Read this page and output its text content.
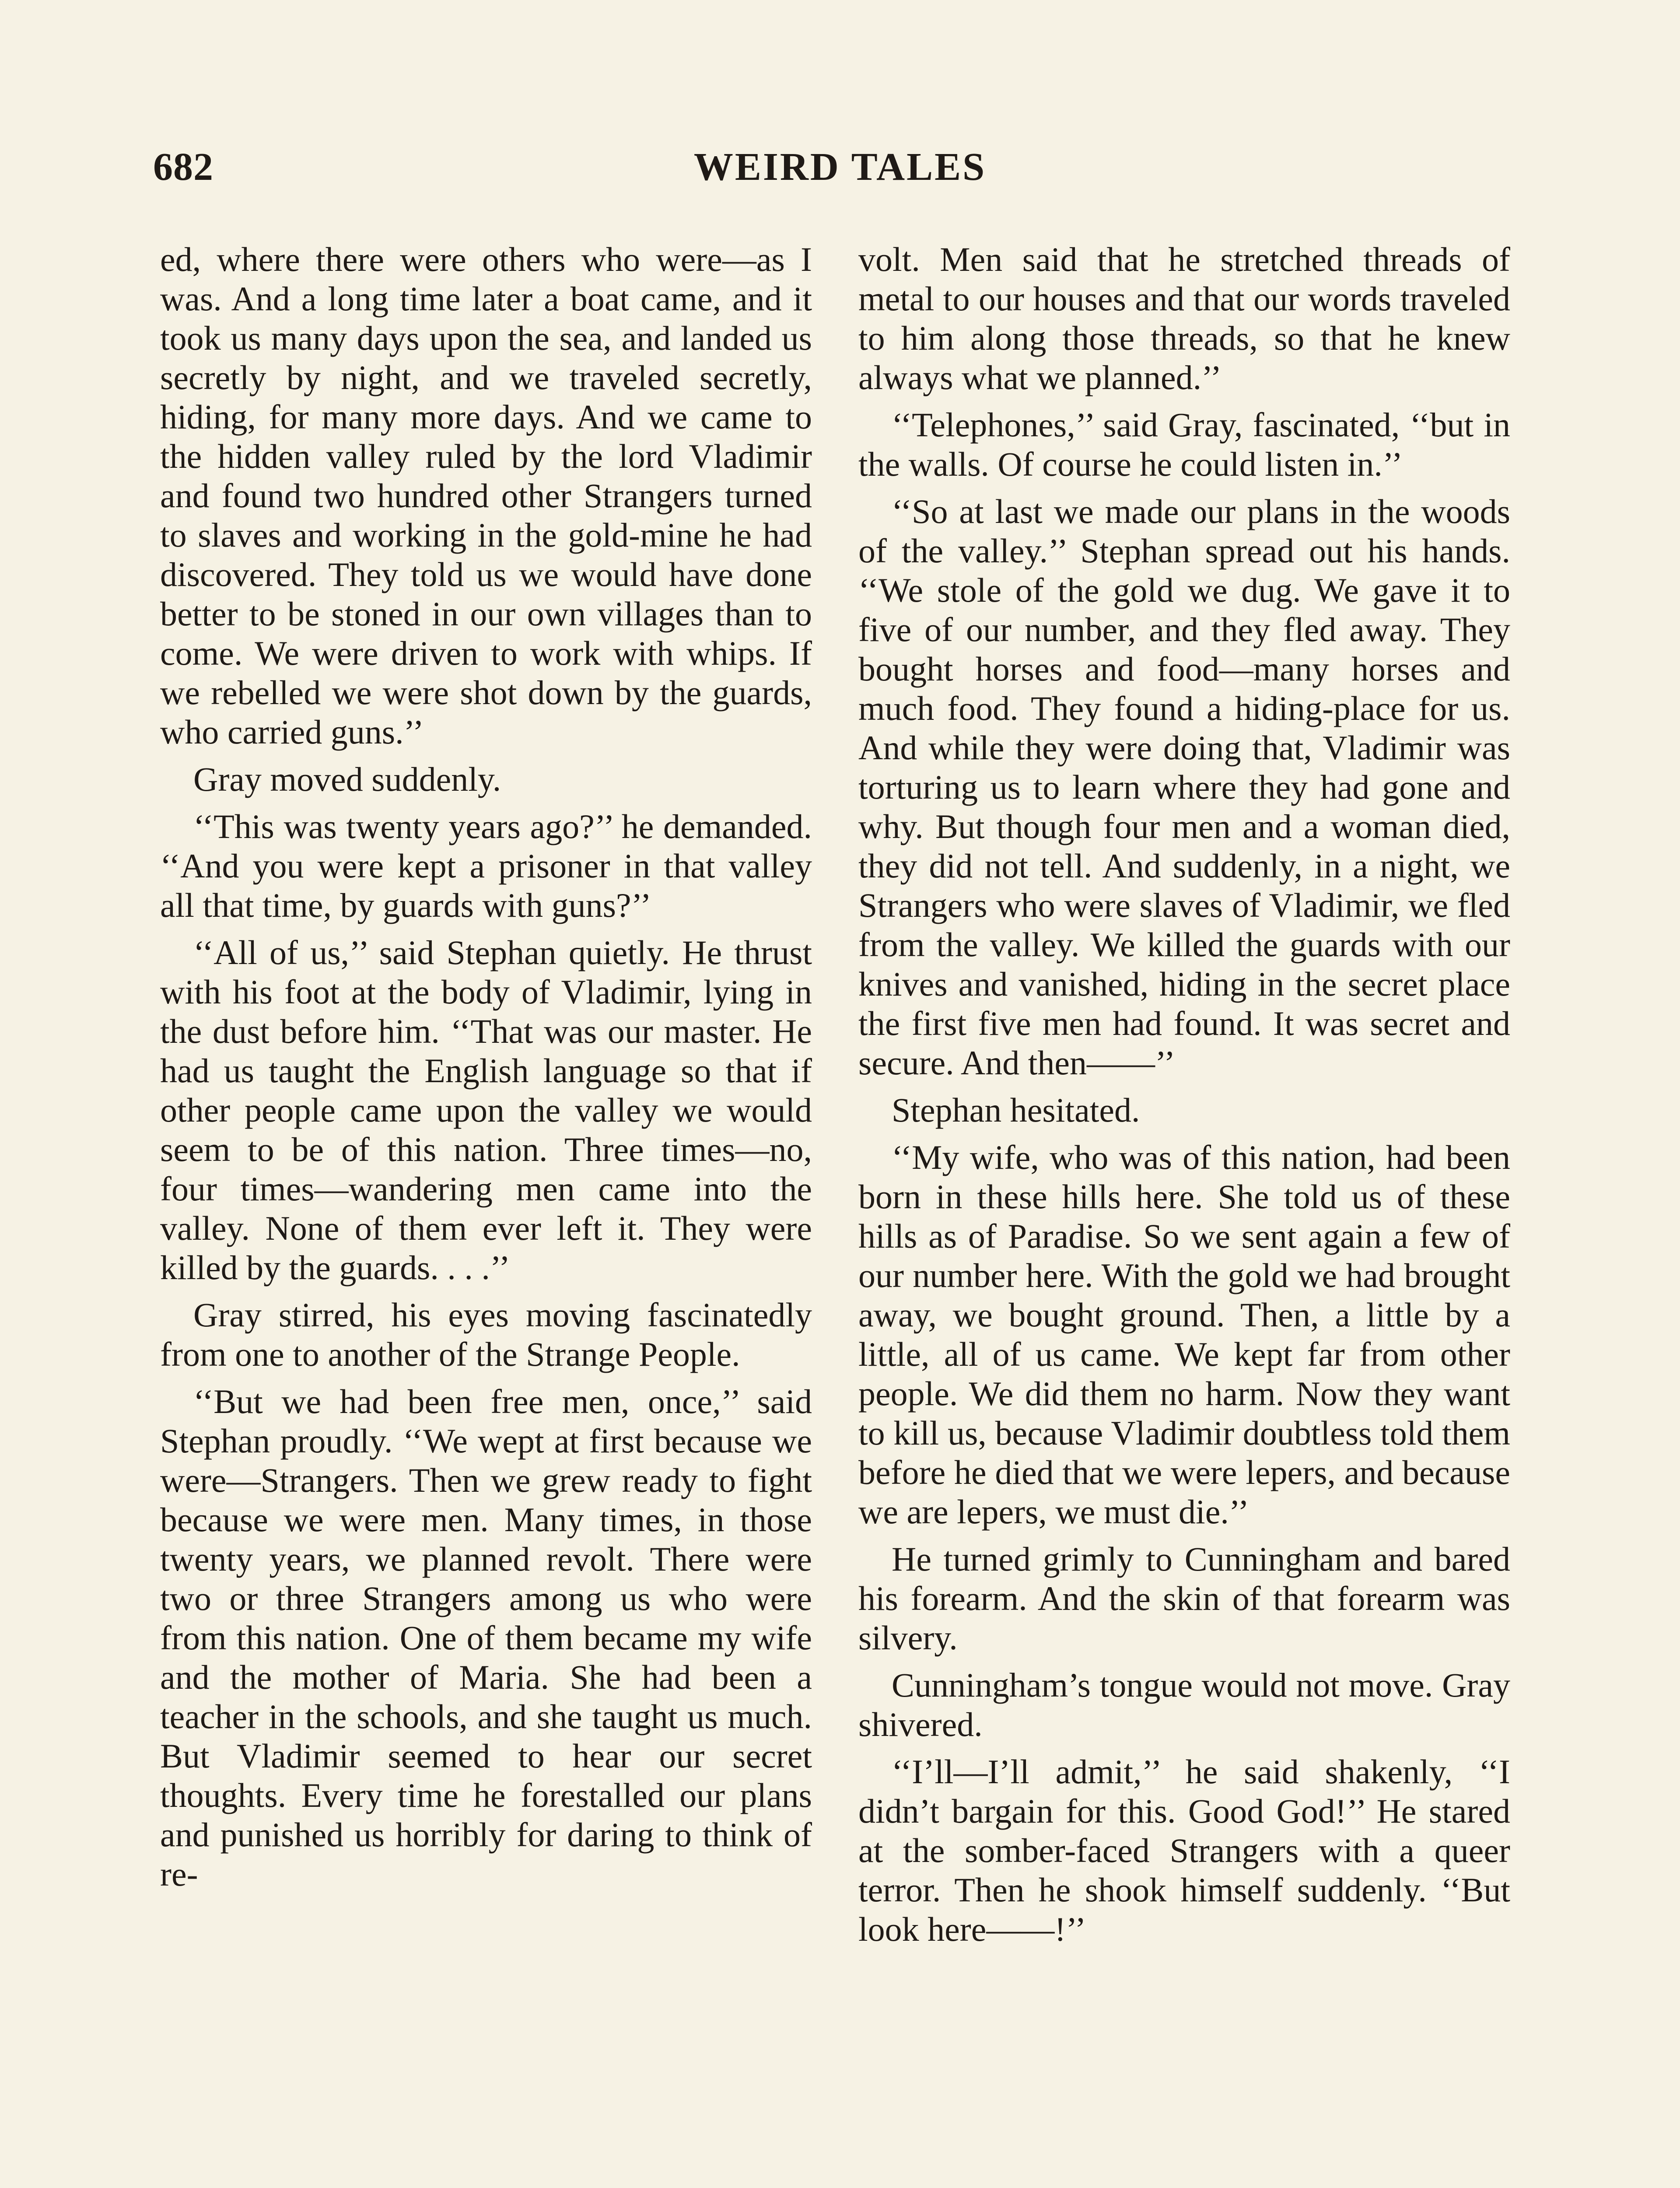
682	WEIRD TALES

ed, where there were others who were—as I was. And a long time later a boat came, and it took us many days upon the sea, and landed us secretly by night, and we traveled secretly, hiding, for many more days. And we came to the hidden valley ruled by the lord Vladimir and found two hundred other Strangers turned to slaves and working in the gold-mine he had discovered. They told us we would have done better to be stoned in our own villages than to come. We were driven to work with whips. If we rebelled we were shot down by the guards, who carried guns.’’

Gray moved suddenly.

‘‘This was twenty years ago?’’ he demanded. ‘‘And you were kept a prisoner in that valley all that time, by guards with guns?’’

‘‘All of us,’’ said Stephan quietly. He thrust with his foot at the body of Vladimir, lying in the dust before him. ‘‘That was our master. He had us taught the English language so that if other people came upon the valley we would seem to be of this nation. Three times—no, four times—wandering men came into the valley. None of them ever left it. They were killed by the guards. . . .’’

Gray stirred, his eyes moving fascinatedly from one to another of the Strange People.

‘‘But we had been free men, once,’’ said Stephan proudly. ‘‘We wept at first because we were—Strangers. Then we grew ready to fight because we were men. Many times, in those twenty years, we planned revolt. There were two or three Strangers among us who were from this nation. One of them became my wife and the mother of Maria. She had been a teacher in the schools, and she taught us much. But Vladimir seemed to hear our secret thoughts. Every time he forestalled our plans and punished us horribly for daring to think of re-

volt. Men said that he stretched threads of metal to our houses and that our words traveled to him along those threads, so that he knew always what we planned.’’

‘‘Telephones,’’ said Gray, fascinated, ‘‘but in the walls. Of course he could listen in.’’

‘‘So at last we made our plans in the woods of the valley.’’ Stephan spread out his hands. ‘‘We stole of the gold we dug. We gave it to five of our number, and they fled away. They bought horses and food—many horses and much food. They found a hiding-place for us. And while they were doing that, Vladimir was torturing us to learn where they had gone and why. But though four men and a woman died, they did not tell. And suddenly, in a night, we Strangers who were slaves of Vladimir, we fled from the valley. We killed the guards with our knives and vanished, hiding in the secret place the first five men had found. It was secret and secure. And then——’’

Stephan hesitated.

‘‘My wife, who was of this nation, had been born in these hills here. She told us of these hills as of Paradise. So we sent again a few of our number here. With the gold we had brought away, we bought ground. Then, a little by a little, all of us came. We kept far from other people. We did them no harm. Now they want to kill us, because Vladimir doubtless told them before he died that we were lepers, and because we are lepers, we must die.’’

He turned grimly to Cunningham and bared his forearm. And the skin of that forearm was silvery.

Cunningham’s tongue would not move. Gray shivered.

‘‘I’ll—I’ll admit,’’ he said shakenly, ‘‘I didn’t bargain for this. Good God!’’ He stared at the somber-faced Strangers with a queer terror. Then he shook himself suddenly. ‘‘But look here——!’’
